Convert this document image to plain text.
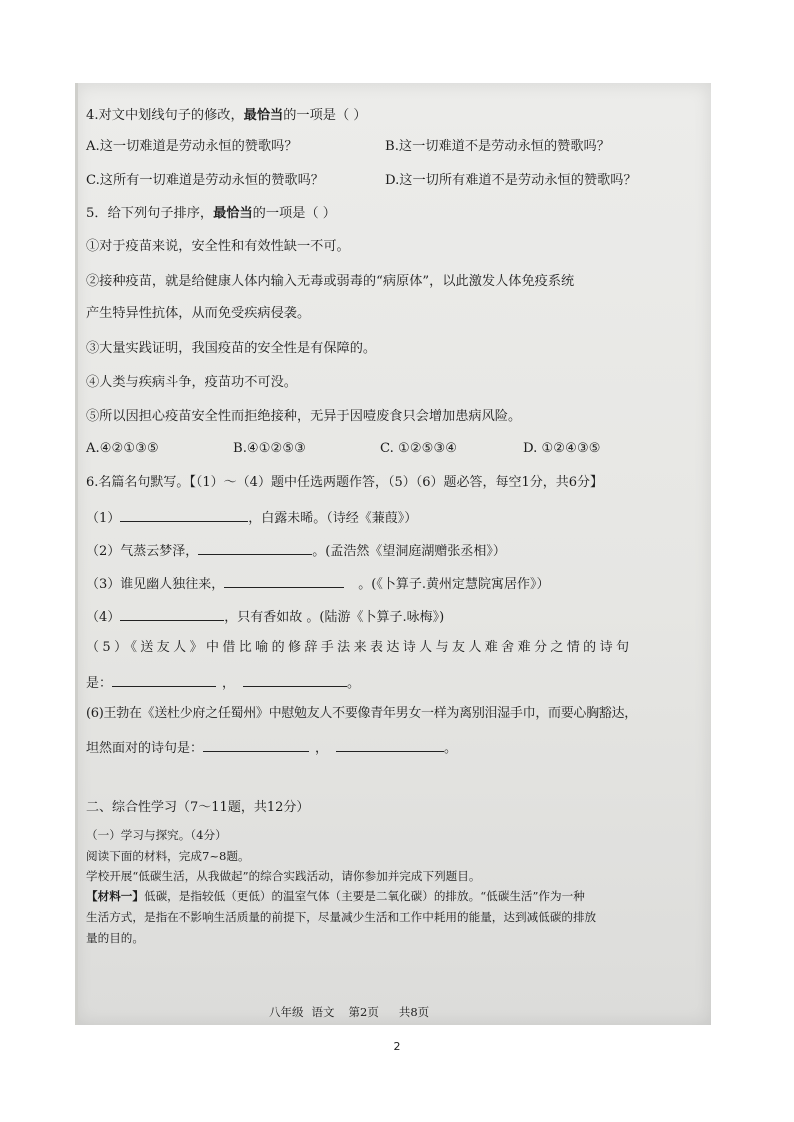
4.对文中划线句子的修改，最恰当的一项是（ ）
A.这一切难道是劳动永恒的赞歌吗？	B.这一切难道不是劳动永恒的赞歌吗？
C.这所有一切难道是劳动永恒的赞歌吗？	D.这一切所有难道不是劳动永恒的赞歌吗？
5．给下列句子排序，最恰当的一项是（ ）
①对于疫苗来说，安全性和有效性缺一不可。
②接种疫苗，就是给健康人体内输入无毒或弱毒的“病原体”，以此激发人体免疫系统
产生特异性抗体，从而免受疾病侵袭。
③大量实践证明，我国疫苗的安全性是有保障的。
④人类与疾病斗争，疫苗功不可没。
⑤所以因担心疫苗安全性而拒绝接种，无异于因噎废食只会增加患病风险。
A.④②①③⑤	B.④①②⑤③	C. ①②⑤③④	D. ①②④③⑤
6.名篇名句默写。【（1）～（4）题中任选两题作答，（5）（6）题必答，每空1分，共6分】
（1）	，白露未晞。（诗经《蒹葭》）
（2）气蒸云梦泽，	。(孟浩然《望洞庭湖赠张丞相》）
（3）谁见幽人独往来，	。(《卜算子.黄州定慧院寓居作》）
（4）	，只有香如故 。(陆游《卜算子.咏梅》)
（5）《送友人》中借比喻的修辞手法来表达诗人与友人难舍难分之情的诗句
是：	，	。
(6)王勃在《送杜少府之任蜀州》中慰勉友人不要像青年男女一样为离别泪湿手巾，而要心胸豁达，
坦然面对的诗句是：	，	。
二、综合性学习（7～11题，共12分）
（一）学习与探究。（4分）
阅读下面的材料，完成7~8题。
学校开展“低碳生活，从我做起”的综合实践活动，请你参加并完成下列题目。
【材料一】低碳，是指较低（更低）的温室气体（主要是二氧化碳）的排放。“低碳生活”作为一种
生活方式，是指在不影响生活质量的前提下，尽量减少生活和工作中耗用的能量，达到减低碳的排放
量的目的。
八年级 语文 第2页 共8页
2
